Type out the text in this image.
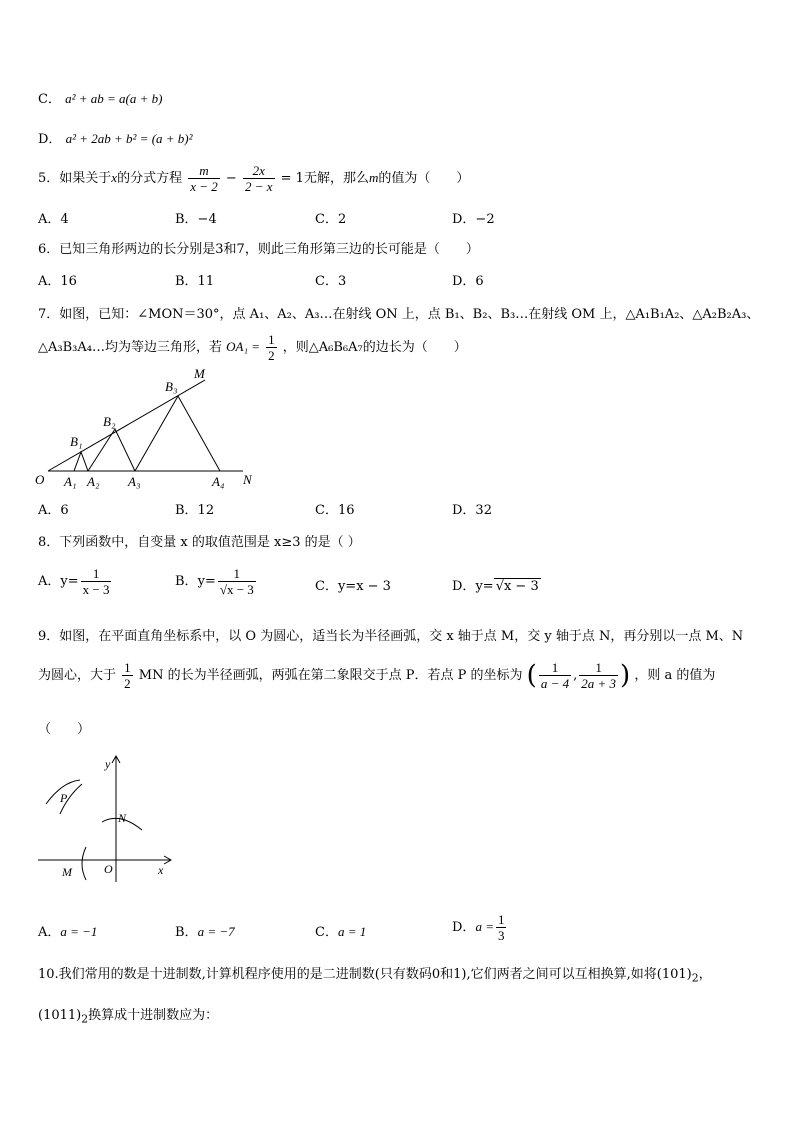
C． a² + ab = a(a + b)
D． a² + 2ab + b² = (a + b)²
5．如果关于x的分式方程 $\frac{m}{x - 2} - \frac{2x}{2 - x} = 1$无解，那么m的值为（　　）
A．4	B．−4	C．2	D．−2
6．已知三角形两边的长分别是3和7，则此三角形第三边的长可能是（　　）
A．16	B．11	C．3	D．6
7．如图，已知：∠MON＝30°，点 A₁、A₂、A₃…在射线 ON 上，点 B₁、B₂、B₃…在射线 OM 上，△A₁B₁A₂、△A₂B₂A₃、
△A₃B₃A₄…均为等边三角形，若 $OA_1 = \frac{1}{2}$ ，则△A₆B₆A₇的边长为（　　）
O
M
N
A₁ A₂ A₃	A₄
B₁
B₂
B₃
A．6	B．12	C．16	D．32
8．下列函数中，自变量 x 的取值范围是 x≥3 的是（ ）
A．$y= \frac{1}{x - 3}$	B．$y= \frac{1}{√x - 3}$	C．y=x − 3	D．y= √x − 3
9．如图，在平面直角坐标系中，以 O 为圆心，适当长为半径画弧，交 x 轴于点 M，交 y 轴于点 N，再分别以一点 M、N
为圆心，大于 $\frac{1}{2}$ MN 的长为半径画弧，两弧在第二象限交于点 P．若点 P 的坐标为 ( $\frac{1}{a - 4}$ , $\frac{1}{2a + 3}$ ) ，则 a 的值为
（　　）
x
y
O
M
N
P
A．a = −1	B．a = −7	C．a = 1	D．$a = \frac{1}{3}$
10.我们常用的数是十进制数,计算机程序使用的是二进制数(只有数码0和1),它们两者之间可以互相换算,如将$(101)_2$，
$(1011)_2$换算成十进制数应为：
